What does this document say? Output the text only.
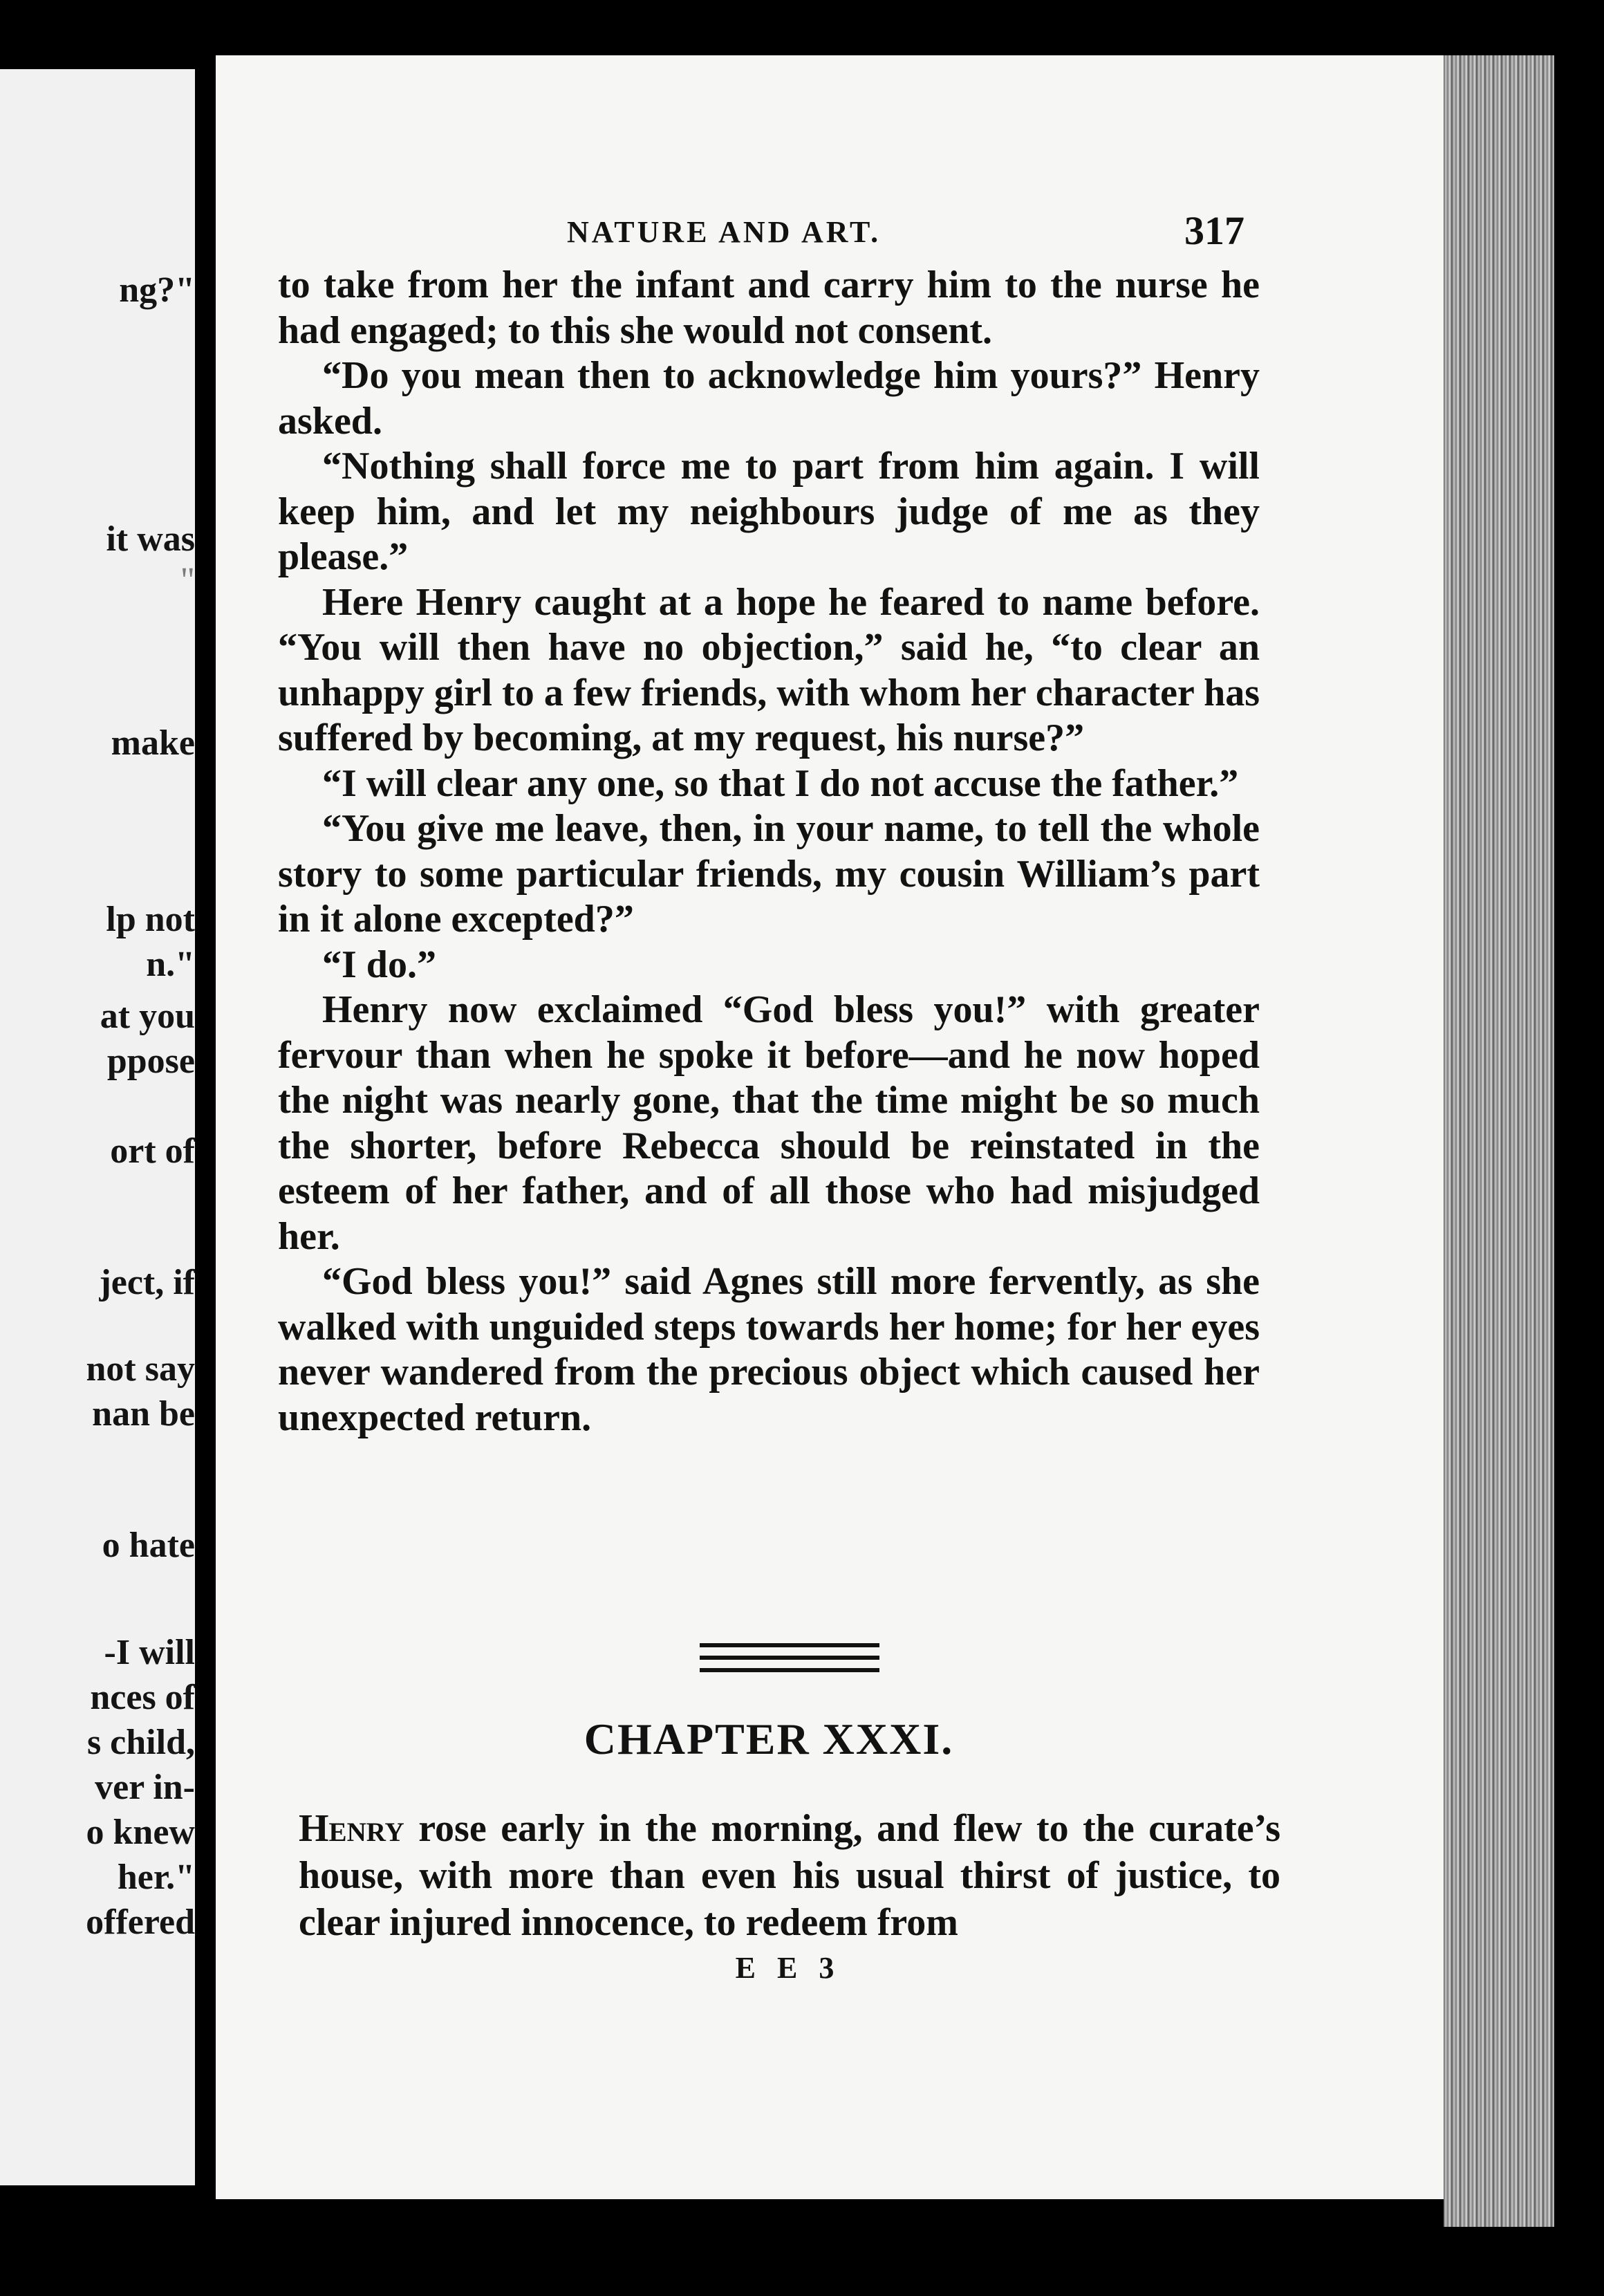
ng?"
it was
"
make
lp not
n."
at you
ppose
ort of
ject, if
not say
nan be
o hate
-I will
nces of
s child,
ver in-
o knew
her."
offered
NATURE AND ART.	317

to take from her the infant and carry him to the nurse he had engaged; to this she would not consent.

“Do you mean then to acknowledge him yours?” Henry asked.

“Nothing shall force me to part from him again. I will keep him, and let my neighbours judge of me as they please.”

Here Henry caught at a hope he feared to name before. “You will then have no objection,” said he, “to clear an unhappy girl to a few friends, with whom her character has suffered by becoming, at my request, his nurse?”

“I will clear any one, so that I do not accuse the father.”

“You give me leave, then, in your name, to tell the whole story to some particular friends, my cousin William’s part in it alone excepted?”

“I do.”

Henry now exclaimed “God bless you!” with greater fervour than when he spoke it before—and he now hoped the night was nearly gone, that the time might be so much the shorter, before Rebecca should be reinstated in the esteem of her father, and of all those who had misjudged her.

“God bless you!” said Agnes still more fervently, as she walked with unguided steps towards her home; for her eyes never wandered from the precious object which caused her unexpected return.

CHAPTER XXXI.

Henry rose early in the morning, and flew to the curate’s house, with more than even his usual thirst of justice, to clear injured innocence, to redeem from

E E 3
